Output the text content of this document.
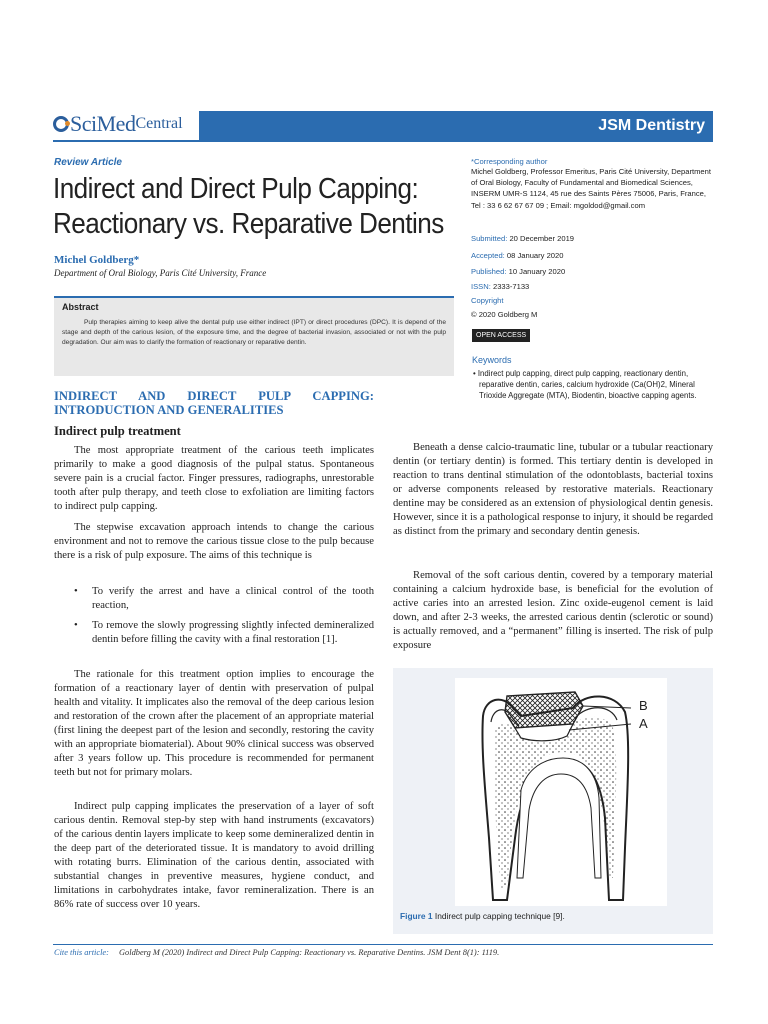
SciMed Central	JSM Dentistry
Review Article
Indirect and Direct Pulp Capping: Reactionary vs. Reparative Dentins
Michel Goldberg*
Department of Oral Biology, Paris Cité University, France
Abstract
Pulp therapies aiming to keep alive the dental pulp use either indirect (IPT) or direct procedures (DPC). It is depend of the stage and depth of the carious lesion, of the exposure time, and the degree of bacterial invasion, associated or not with the pulp degradation. Our aim was to clarify the formation of reactionary or reparative dentin.
*Corresponding author
Michel Goldberg, Professor Emeritus, Paris Cité University, Department of Oral Biology, Faculty of Fundamental and Biomedical Sciences, INSERM UMR-S 1124, 45 rue des Saints Pères 75006, Paris, France, Tel : 33 6 62 67 67 09 ; Email: mgoldod@gmail.com
Submitted: 20 December 2019
Accepted: 08 January 2020
Published: 10 January 2020
ISSN: 2333-7133
Copyright
© 2020 Goldberg M
OPEN ACCESS
Keywords
• Indirect pulp capping, direct pulp capping, reactionary dentin, reparative dentin, caries, calcium hydroxide (Ca(OH)2, Mineral Trioxide Aggregate (MTA), Biodentin, bioactive capping agents.
INDIRECT AND DIRECT PULP CAPPING: INTRODUCTION AND GENERALITIES
Indirect pulp treatment
The most appropriate treatment of the carious teeth implicates primarily to make a good diagnosis of the pulpal status. Spontaneous severe pain is a crucial factor. Finger pressures, radiographs, unrestorable tooth after pulp therapy, and teeth close to exfoliation are limiting factors to indirect pulp capping.
The stepwise excavation approach intends to change the carious environment and not to remove the carious tissue close to the pulp because there is a risk of pulp exposure. The aims of this technique is
• To verify the arrest and have a clinical control of the tooth reaction,
• To remove the slowly progressing slightly infected demineralized dentin before filling the cavity with a final restoration [1].
The rationale for this treatment option implies to encourage the formation of a reactionary layer of dentin with preservation of pulpal health and vitality. It implicates also the removal of the deep carious lesion and restoration of the crown after the placement of an appropriate material (first lining the deepest part of the lesion and secondly, restoring the cavity with an appropriate biomaterial). About 90% clinical success was observed after 3 years follow up. This procedure is recommended for permanent teeth but not for primary molars.
Indirect pulp capping implicates the preservation of a layer of soft carious dentin. Removal step-by step with hand instruments (excavators) of the carious dentin layers implicate to keep some demineralized dentin in the deep part of the deteriorated tissue. It is mandatory to avoid drilling with rotating burrs. Elimination of the carious dentin, associated with substantial changes in preventive measures, hygiene conduct, and limitations in carbohydrates intake, favor remineralization. There is an 86% rate of success over 10 years.
Beneath a dense calcio-traumatic line, tubular or a tubular reactionary dentin (or tertiary dentin) is formed. This tertiary dentin is developed in reaction to trans dentinal stimulation of the odontoblasts, bacterial toxins or adverse components released by restorative materials. Reactionary dentine may be considered as an extension of physiological dentin genesis. However, since it is a pathological response to injury, it should be regarded as distinct from the primary and secondary dentin genesis.
Removal of the soft carious dentin, covered by a temporary material containing a calcium hydroxide base, is beneficial for the evolution of active caries into an arrested lesion. Zinc oxide-eugenol cement is laid down, and after 2-3 weeks, the arrested carious dentin (sclerotic or sound) is actually removed, and a “permanent” filling is inserted. The risk of pulp exposure
B
A
Figure 1 Indirect pulp capping technique [9].
Cite this article: Goldberg M (2020) Indirect and Direct Pulp Capping: Reactionary vs. Reparative Dentins. JSM Dent 8(1): 1119.
